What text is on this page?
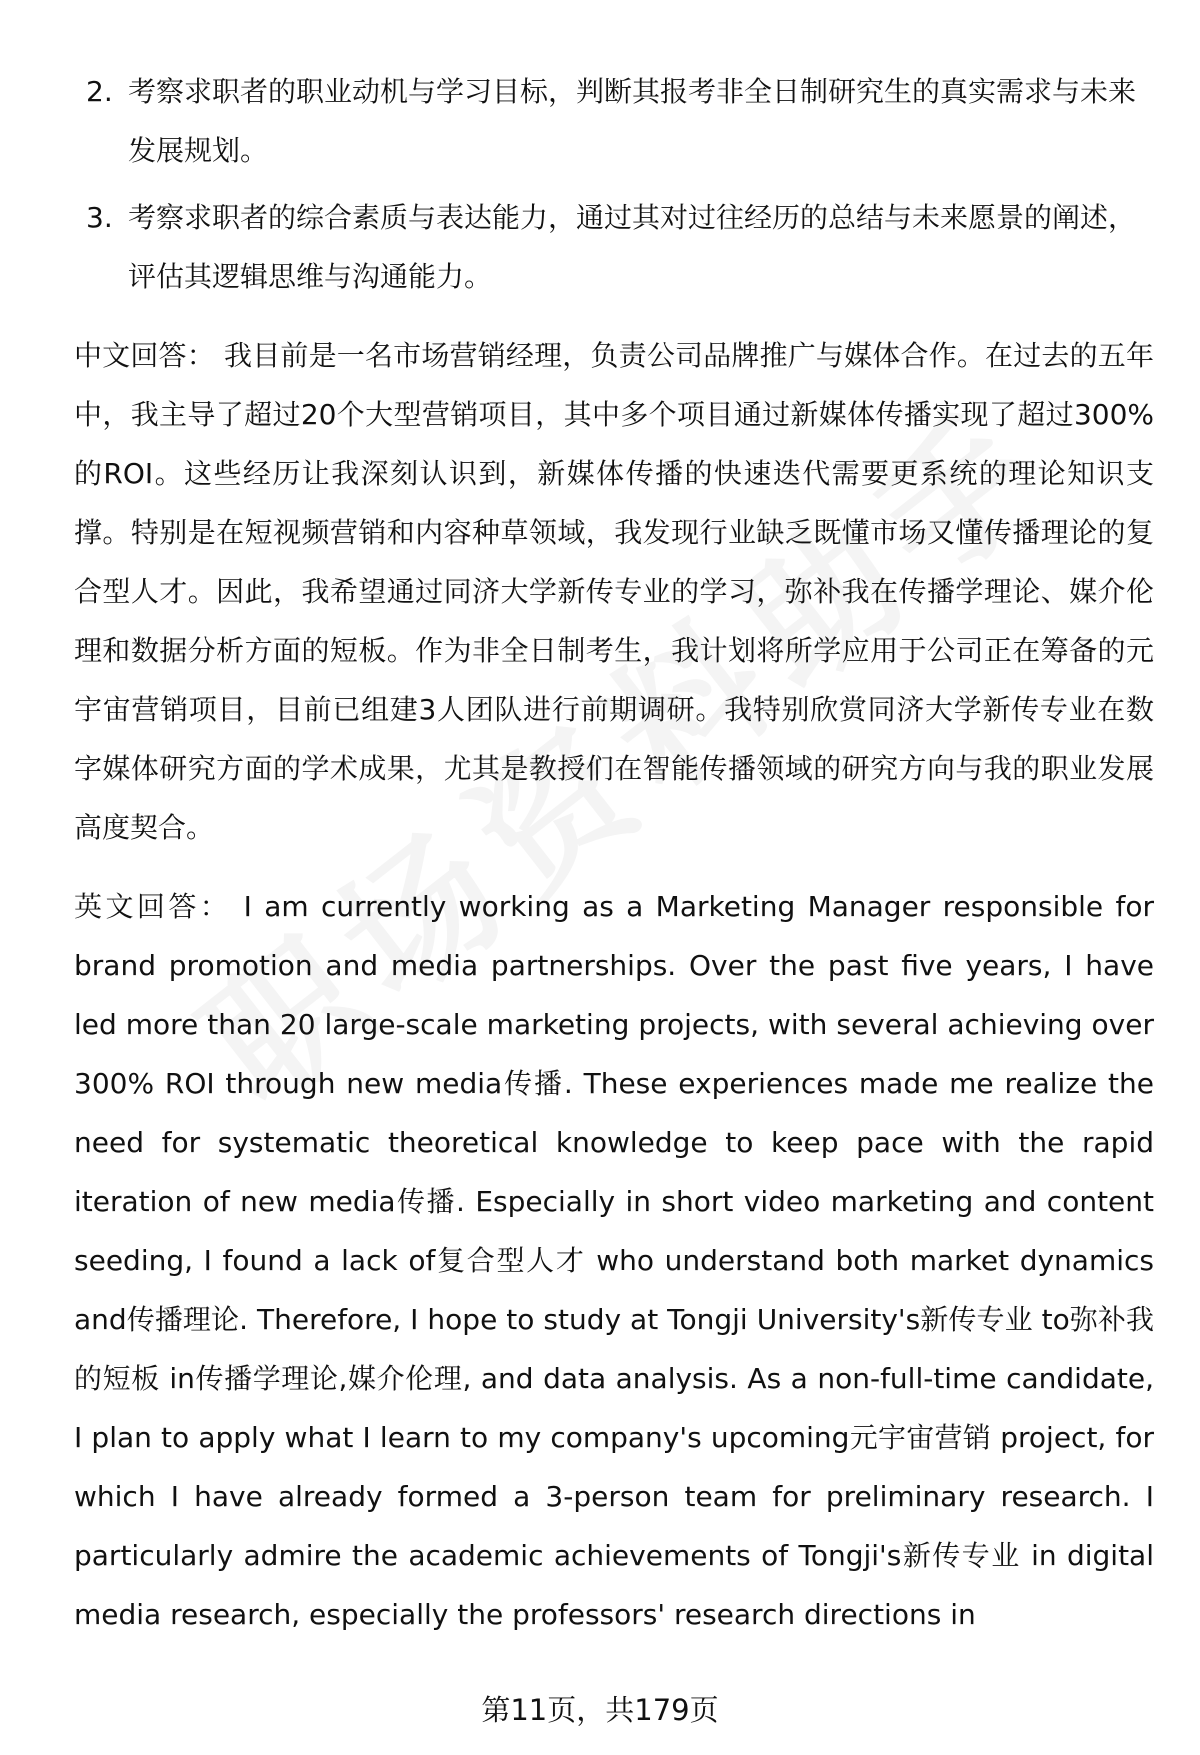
2. 考察求职者的职业动机与学习目标，判断其报考非全日制研究生的真实需求与未来发展规划。
3. 考察求职者的综合素质与表达能力，通过其对过往经历的总结与未来愿景的阐述，评估其逻辑思维与沟通能力。

中文回答： 我目前是一名市场营销经理，负责公司品牌推广与媒体合作。在过去的五年中，我主导了超过20个大型营销项目，其中多个项目通过新媒体传播实现了超过300%的ROI。这些经历让我深刻认识到，新媒体传播的快速迭代需要更系统的理论知识支撑。特别是在短视频营销和内容种草领域，我发现行业缺乏既懂市场又懂传播理论的复合型人才。因此，我希望通过同济大学新传专业的学习，弥补我在传播学理论、媒介伦理和数据分析方面的短板。作为非全日制考生，我计划将所学应用于公司正在筹备的元宇宙营销项目，目前已组建3人团队进行前期调研。我特别欣赏同济大学新传专业在数字媒体研究方面的学术成果，尤其是教授们在智能传播领域的研究方向与我的职业发展高度契合。

英文回答： I am currently working as a Marketing Manager responsible for brand promotion and media partnerships. Over the past five years, I have led more than 20 large-scale marketing projects, with several achieving over 300% ROI through new media传播. These experiences made me realize the need for systematic theoretical knowledge to keep pace with the rapid iteration of new media传播. Especially in short video marketing and content seeding, I found a lack of复合型人才 who understand both market dynamics and传播理论. Therefore, I hope to study at Tongji University's新传专业 to弥补我的短板 in传播学理论,媒介伦理, and data analysis. As a non-full-time candidate, I plan to apply what I learn to my company's upcoming元宇宙营销 project, for which I have already formed a 3-person team for preliminary research. I particularly admire the academic achievements of Tongji's新传专业 in digital media research, especially the professors' research directions in

第11页，共179页
